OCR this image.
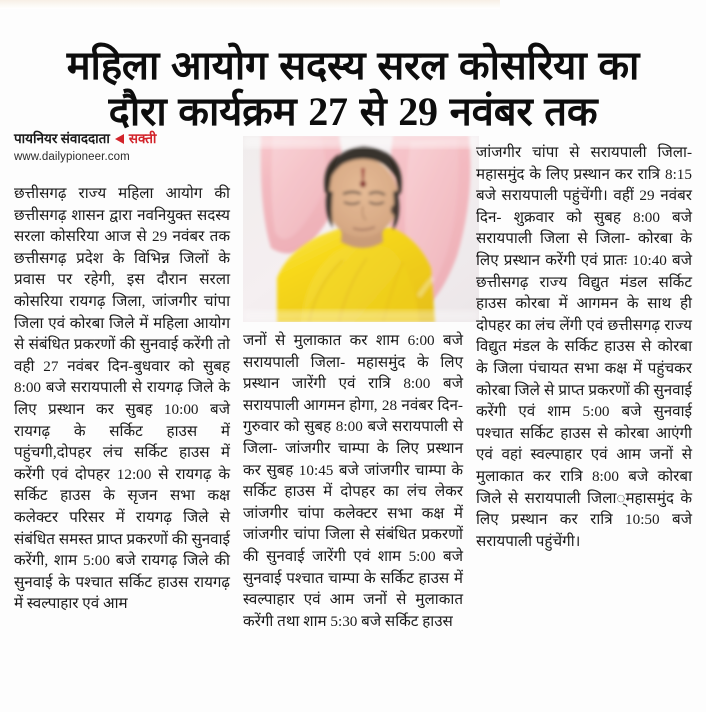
महिला आयोग सदस्य सरल कोसरिया का
दौरा कार्यक्रम 27 से 29 नवंबर तक
पायनियर संवाददाता सक्ती
www.dailypioneer.com

छत्तीसगढ़ राज्य महिला आयोग की छत्तीसगढ़ शासन द्वारा नवनियुक्त सदस्य सरला कोसरिया आज से 29 नवंबर तक छत्तीसगढ़ प्रदेश के विभिन्न जिलों के प्रवास पर रहेगी, इस दौरान सरला कोसरिया रायगढ़ जिला, जांजगीर चांपा जिला एवं कोरबा जिले में महिला आयोग से संबंधित प्रकरणों की सुनवाई करेंगी तो वही 27 नवंबर दिन-बुधवार को सुबह 8:00 बजे सरायपाली से रायगढ़ जिले के लिए प्रस्थान कर सुबह 10:00 बजे रायगढ़ के सर्किट हाउस में पहुंचगी,दोपहर लंच सर्किट हाउस में करेंगी एवं दोपहर 12:00 से रायगढ़ के सर्किट हाउस के सृजन सभा कक्ष कलेक्टर परिसर में रायगढ़ जिले से संबंधित समस्त प्राप्त प्रकरणों की सुनवाई करेंगी, शाम 5:00 बजे रायगढ़ जिले की सुनवाई के पश्चात सर्किट हाउस रायगढ़ में स्वल्पाहार एवं आम

जनों से मुलाकात कर शाम 6:00 बजे सरायपाली जिला- महासमुंद के लिए प्रस्थान जारेंगी एवं रात्रि 8:00 बजे सरायपाली आगमन होगा, 28 नवंबर दिन- गुरुवार को सुबह 8:00 बजे सरायपाली से जिला- जांजगीर चाम्पा के लिए प्रस्थान कर सुबह 10:45 बजे जांजगीर चाम्पा के सर्किट हाउस में दोपहर का लंच लेकर जांजगीर चांपा कलेक्टर सभा कक्ष में जांजगीर चांपा जिला से संबंधित प्रकरणों की सुनवाई जारेंगी एवं शाम 5:00 बजे सुनवाई पश्चात चाम्पा के सर्किट हाउस में स्वल्पाहार एवं आम जनों से मुलाकात करेंगी तथा शाम 5:30 बजे सर्किट हाउस

जांजगीर चांपा से सरायपाली जिला- महासमुंद के लिए प्रस्थान कर रात्रि 8:15 बजे सरायपाली पहुंचेंगी। वहीं 29 नवंबर दिन- शुक्रवार को सुबह 8:00 बजे सरायपाली जिला से जिला- कोरबा के लिए प्रस्थान करेंगी एवं प्रातः 10:40 बजे छत्तीसगढ़ राज्य विद्युत मंडल सर्किट हाउस कोरबा में आगमन के साथ ही दोपहर का लंच लेंगी एवं छत्तीसगढ़ राज्य विद्युत मंडल के सर्किट हाउस से कोरबा के जिला पंचायत सभा कक्ष में पहुंचकर कोरबा जिले से प्राप्त प्रकरणों की सुनवाई करेंगी एवं शाम 5:00 बजे सुनवाई पश्चात सर्किट हाउस से कोरबा आएंगी एवं वहां स्वल्पाहार एवं आम जनों से मुलाकात कर रात्रि 8:00 बजे कोरबा जिले से सरायपाली जिला‍्‌महासमुंद के लिए प्रस्थान कर रात्रि 10:50 बजे सरायपाली पहुंचेंगी।
